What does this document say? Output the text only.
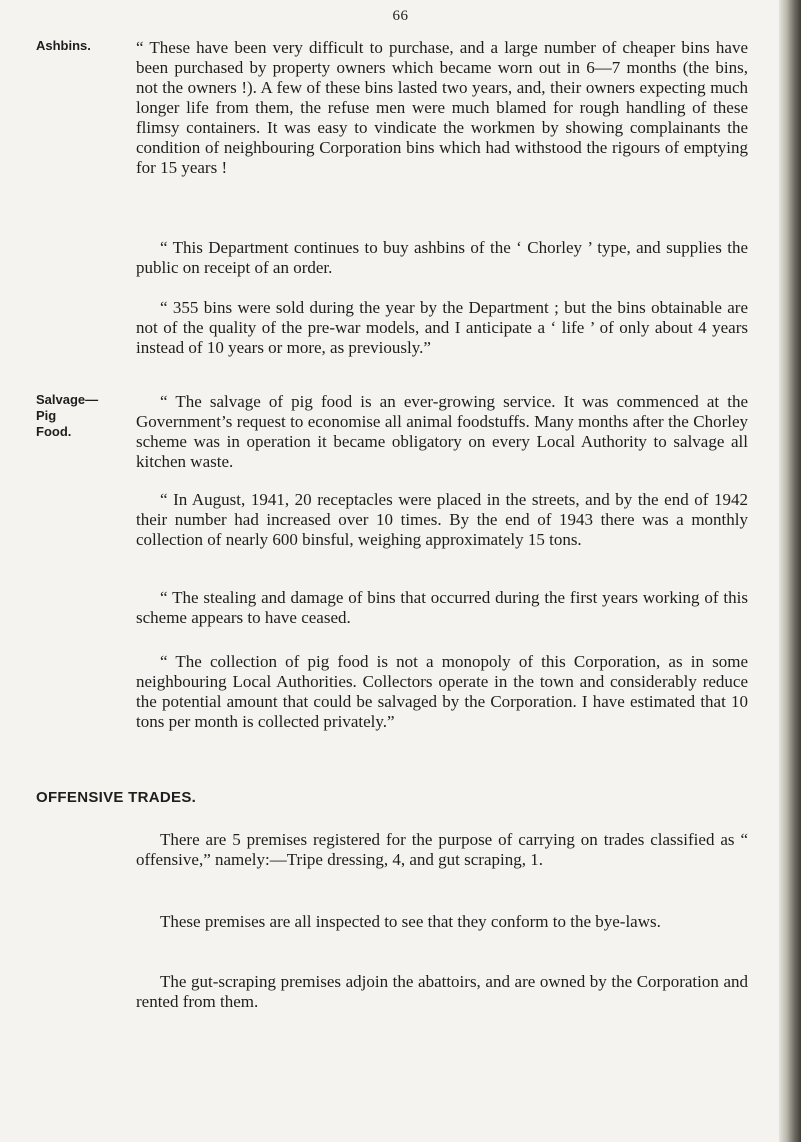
66
Ashbins.	“ These have been very difficult to purchase, and a large number of cheaper bins have been purchased by property owners which became worn out in 6—7 months (the bins, not the owners !). A few of these bins lasted two years, and, their owners expecting much longer life from them, the refuse men were much blamed for rough handling of these flimsy containers. It was easy to vindicate the workmen by showing complainants the condition of neighbouring Corporation bins which had withstood the rigours of emptying for 15 years !

“ This Department continues to buy ashbins of the ‘ Chorley ’ type, and supplies the public on receipt of an order.

“ 355 bins were sold during the year by the Department ; but the bins obtainable are not of the quality of the pre-war models, and I anticipate a ‘ life ’ of only about 4 years instead of 10 years or more, as previously.”

Salvage—Pig
Food.

“ The salvage of pig food is an ever-growing service. It was commenced at the Government’s request to economise all animal foodstuffs. Many months after the Chorley scheme was in operation it became obligatory on every Local Authority to salvage all kitchen waste.

“ In August, 1941, 20 receptacles were placed in the streets, and by the end of 1942 their number had increased over 10 times. By the end of 1943 there was a monthly collection of nearly 600 binsful, weighing approximately 15 tons.

“ The stealing and damage of bins that occurred during the first years working of this scheme appears to have ceased.

“ The collection of pig food is not a monopoly of this Corporation, as in some neighbouring Local Authorities. Collectors operate in the town and considerably reduce the potential amount that could be salvaged by the Corporation. I have estimated that 10 tons per month is collected privately.”

OFFENSIVE TRADES.

There are 5 premises registered for the purpose of carrying on trades classified as “ offensive,” namely:—Tripe dressing, 4, and gut scraping, 1.

These premises are all inspected to see that they conform to the bye-laws.

The gut-scraping premises adjoin the abattoirs, and are owned by the Corporation and rented from them.
